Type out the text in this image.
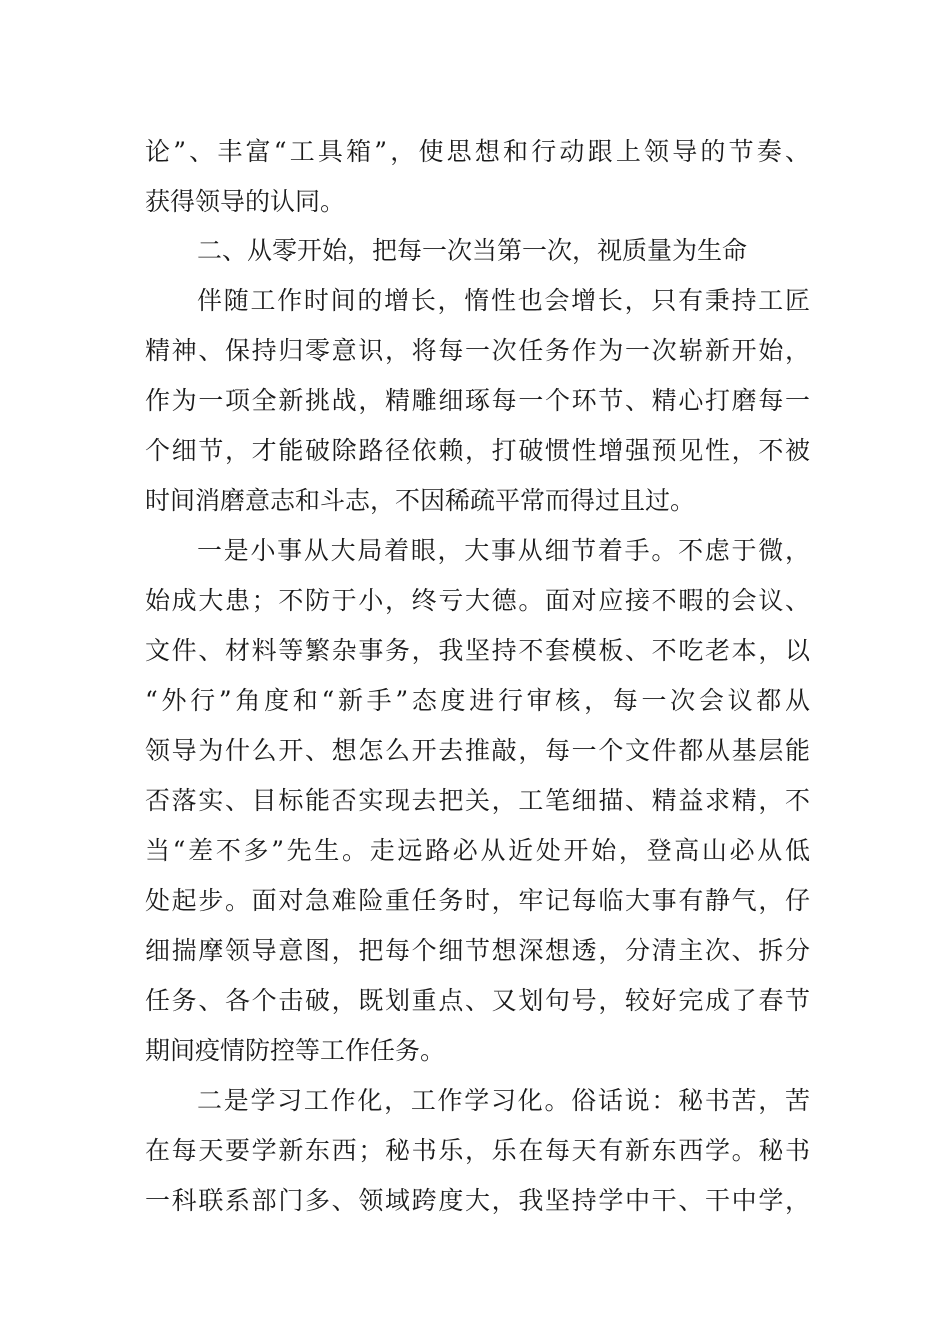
论”、丰富“工具箱”，使思想和行动跟上领导的节奏、
获得领导的认同。
二、从零开始，把每一次当第一次，视质量为生命
伴随工作时间的增长，惰性也会增长，只有秉持工匠
精神、保持归零意识，将每一次任务作为一次崭新开始，
作为一项全新挑战，精雕细琢每一个环节、精心打磨每一
个细节，才能破除路径依赖，打破惯性增强预见性，不被
时间消磨意志和斗志，不因稀疏平常而得过且过。
一是小事从大局着眼，大事从细节着手。不虑于微，
始成大患；不防于小，终亏大德。面对应接不暇的会议、
文件、材料等繁杂事务，我坚持不套模板、不吃老本，以
“外行”角度和“新手”态度进行审核，每一次会议都从
领导为什么开、想怎么开去推敲，每一个文件都从基层能
否落实、目标能否实现去把关，工笔细描、精益求精，不
当“差不多”先生。走远路必从近处开始，登高山必从低
处起步。面对急难险重任务时，牢记每临大事有静气，仔
细揣摩领导意图，把每个细节想深想透，分清主次、拆分
任务、各个击破，既划重点、又划句号，较好完成了春节
期间疫情防控等工作任务。
二是学习工作化，工作学习化。俗话说：秘书苦，苦
在每天要学新东西；秘书乐，乐在每天有新东西学。秘书
一科联系部门多、领域跨度大，我坚持学中干、干中学，
